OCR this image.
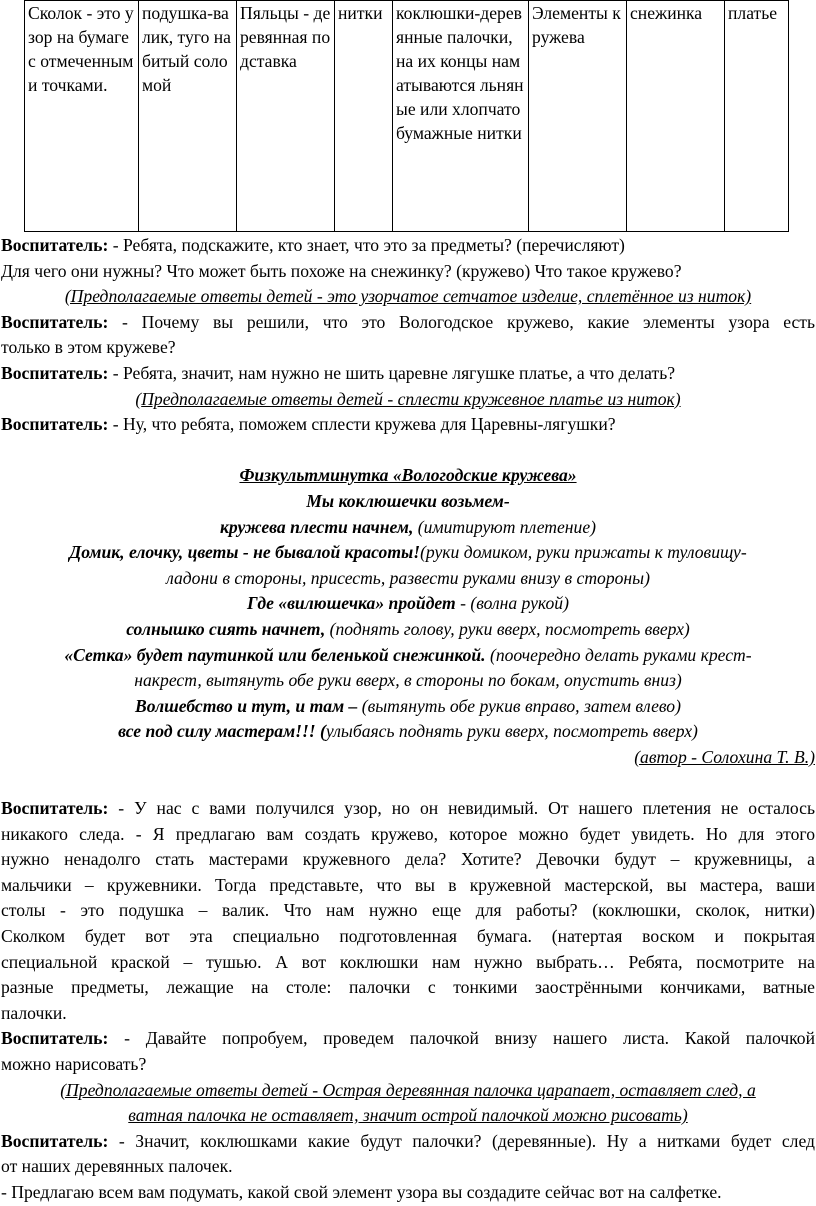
Сколок - это узор на бумаге с отмеченными точками.	подушка-валик, туго набитый соломой	Пяльцы - деревянная подставка	нитки	коклюшки-деревянные палочки, на их концы наматываются льняные или хлопчатобумажные нитки	Элементы кружева	снежинка	платье

Воспитатель: - Ребята, подскажите, кто знает, что это за предметы? (перечисляют)

Для чего они нужны? Что может быть похоже на снежинку? (кружево) Что такое кружево?

(Предполагаемые ответы детей - это узорчатое сетчатое изделие, сплетённое из ниток)

Воспитатель: - Почему вы решили, что это Вологодское кружево, какие элементы узора есть

только в этом кружеве?

Воспитатель: - Ребята, значит, нам нужно не шить царевне лягушке платье, а что делать?

(Предполагаемые ответы детей - сплести кружевное платье из ниток)

Воспитатель: - Ну, что ребята, поможем сплести кружева для Царевны-лягушки?

Физкультминутка «Вологодские кружева»

Мы коклюшечки возьмем-

кружева плести начнем, (имитируют плетение)

Домик, елочку, цветы - не бывалой красоты!(руки домиком, руки прижаты к туловищу-

ладони в стороны, присесть, развести руками внизу в стороны)

Где «вилюшечка» пройдет - (волна рукой)

солнышко сиять начнет, (поднять голову, руки вверх, посмотреть вверх)

«Сетка» будет паутинкой или беленькой снежинкой. (поочередно делать руками крест-

накрест, вытянуть обе руки вверх, в стороны по бокам, опустить вниз)

Волшебство и тут, и там – (вытянуть обе рукив вправо, затем влево)

все под силу мастерам!!! (улыбаясь поднять руки вверх, посмотреть вверх)

(автор - Солохина Т. В.)

Воспитатель: - У нас с вами получился узор, но он невидимый. От нашего плетения не осталось

никакого следа. - Я предлагаю вам создать кружево, которое можно будет увидеть. Но для этого

нужно ненадолго стать мастерами кружевного дела? Хотите? Девочки будут – кружевницы, а

мальчики – кружевники. Тогда представьте, что вы в кружевной мастерской, вы мастера, ваши

столы - это подушка – валик. Что нам нужно еще для работы? (коклюшки, сколок, нитки)

Сколком будет вот эта специально подготовленная бумага. (натертая воском и покрытая

специальной краской – тушью. А вот коклюшки нам нужно выбрать… Ребята, посмотрите на

разные предметы, лежащие на столе: палочки с тонкими заострёнными кончиками, ватные

палочки.

Воспитатель: - Давайте попробуем, проведем палочкой внизу нашего листа. Какой палочкой

можно нарисовать?

(Предполагаемые ответы детей - Острая деревянная палочка царапает, оставляет след, а

ватная палочка не оставляет, значит острой палочкой можно рисовать)

Воспитатель: - Значит, коклюшками какие будут палочки? (деревянные). Ну а нитками будет след

от наших деревянных палочек.

- Предлагаю всем вам подумать, какой свой элемент узора вы создадите сейчас вот на салфетке.
